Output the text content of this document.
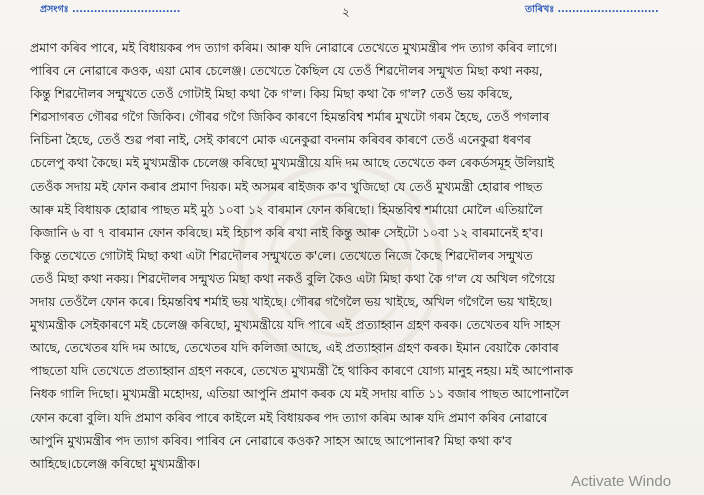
প্ৰসংগঃ ..............................	২	তাৰিখঃ ............................
প্ৰমাণ কৰিব পাৰে, মই বিধায়কৰ পদ ত্যাগ কৰিম। আৰু যদি নোৱাৰে তেখেতে মুখ্যমন্ত্ৰীৰ পদ ত্যাগ কৰিব লাগে।
পাৰিব নে নোৱাৰে কওক, এয়া মোৰ চেলেঞ্জ। তেখেতে কৈছিল যে তেওঁ শিৱদৌলৰ সন্মুখত মিছা কথা নকয়,
কিন্তু শিৱদৌলৰ সন্মুখতে তেওঁ গোটাই মিছা কথা কৈ গ'ল। কিয় মিছা কথা কৈ গ'ল? তেওঁ ভয় কৰিছে,
শিৱসাগৰত গৌৰৱ গগৈ জিকিব। গৌৰৱ গগৈ জিকিব কাৰণে হিমন্তবিশ্ব শৰ্মাৰ মুখটো গৰম হৈছে, তেওঁ পগলাৰ
নিচিনা হৈছে, তেওঁ শুৱ পৰা নাই, সেই কাৰণে মোক এনেকুৱা বদনাম কৰিবৰ কাৰণে তেওঁ এনেকুৱা ধৰণৰ
চেলেপু কথা কৈছে। মই মুখ্যমন্ত্ৰীক চেলেঞ্জ কৰিছো মুখ্যমন্ত্ৰীয়ে যদি দম আছে তেখেতে কল ৰেকৰ্ডসমূহ উলিয়াই
তেওঁক সদায় মই ফোন কৰাৰ প্ৰমাণ দিয়ক। মই অসমৰ ৰাইজক ক'ব খুজিছো যে তেওঁ মুখ্যমন্ত্ৰী হোৱাৰ পাছত
আৰু মই বিধায়ক হোৱাৰ পাছত মই মুঠ ১০বা ১২ বাৰমান ফোন কৰিছো। হিমন্তবিশ্ব শৰ্মায়ো মোলৈ এতিয়ালৈ
কিজানি ৬ বা ৭ বাৰমান ফোন কৰিছে। মই হিচাপ কৰি ৰখা নাই কিন্তু আৰু সেইটো ১০বা ১২ বাৰমানেই হ'ব।
কিন্তু তেখেতে গোটাই মিছা কথা এটা শিৱদৌলৰ সন্মুখতে ক'লে। তেখেতে নিজে কৈছে শিৱদৌলৰ সন্মুখত
তেওঁ মিছা কথা নকয়। শিৱদৌলৰ সন্মুখত মিছা কথা নকওঁ বুলি কৈও এটা মিছা কথা কৈ গ'ল যে অখিল গগৈয়ে
সদায় তেওঁলৈ ফোন কৰে। হিমন্তবিশ্ব শৰ্মাই ভয় খাইছে। গৌৰৱ গগৈলৈ ভয় খাইছে, অখিল গগৈলৈ ভয় খাইছে।
মুখ্যমন্ত্ৰীক সেইকাৰণে মই চেলেঞ্জ কৰিছো, মুখ্যমন্ত্ৰীয়ে যদি পাৰে এই প্ৰত্যাহ্বান গ্ৰহণ কৰক। তেখেতৰ যদি সাহস
আছে, তেখেতৰ যদি দম আছে, তেখেতৰ যদি কলিজা আছে, এই প্ৰত্যাহ্বান গ্ৰহণ কৰক। ইমান বেয়াকৈ কোবাৰ
পাছতো যদি তেখেতে প্ৰত্যাহ্বান গ্ৰহণ নকৰে, তেখেত মুখ্যমন্ত্ৰী হৈ থাকিব কাৰণে যোগ্য মানুহ নহয়। মই আপোনাক
নিধক গালি দিছো। মুখ্যমন্ত্ৰী মহোদয়, এতিয়া আপুনি প্ৰমাণ কৰক যে মই সদায় ৰাতি ১১ বজাৰ পাছত আপোনালৈ
ফোন কৰো বুলি। যদি প্ৰমাণ কৰিব পাৰে কাইলে মই বিধায়কৰ পদ ত্যাগ কৰিম আৰু যদি প্ৰমাণ কৰিব নোৱাৰে
আপুনি মুখ্যমন্ত্ৰীৰ পদ ত্যাগ কৰিব। পাৰিব নে নোৱাৰে কওক? সাহস আছে আপোনাৰ? মিছা কথা ক'ব
আহিছে।চেলেঞ্জ কৰিছো মুখ্যমন্ত্ৰীক।
Activate Windo
